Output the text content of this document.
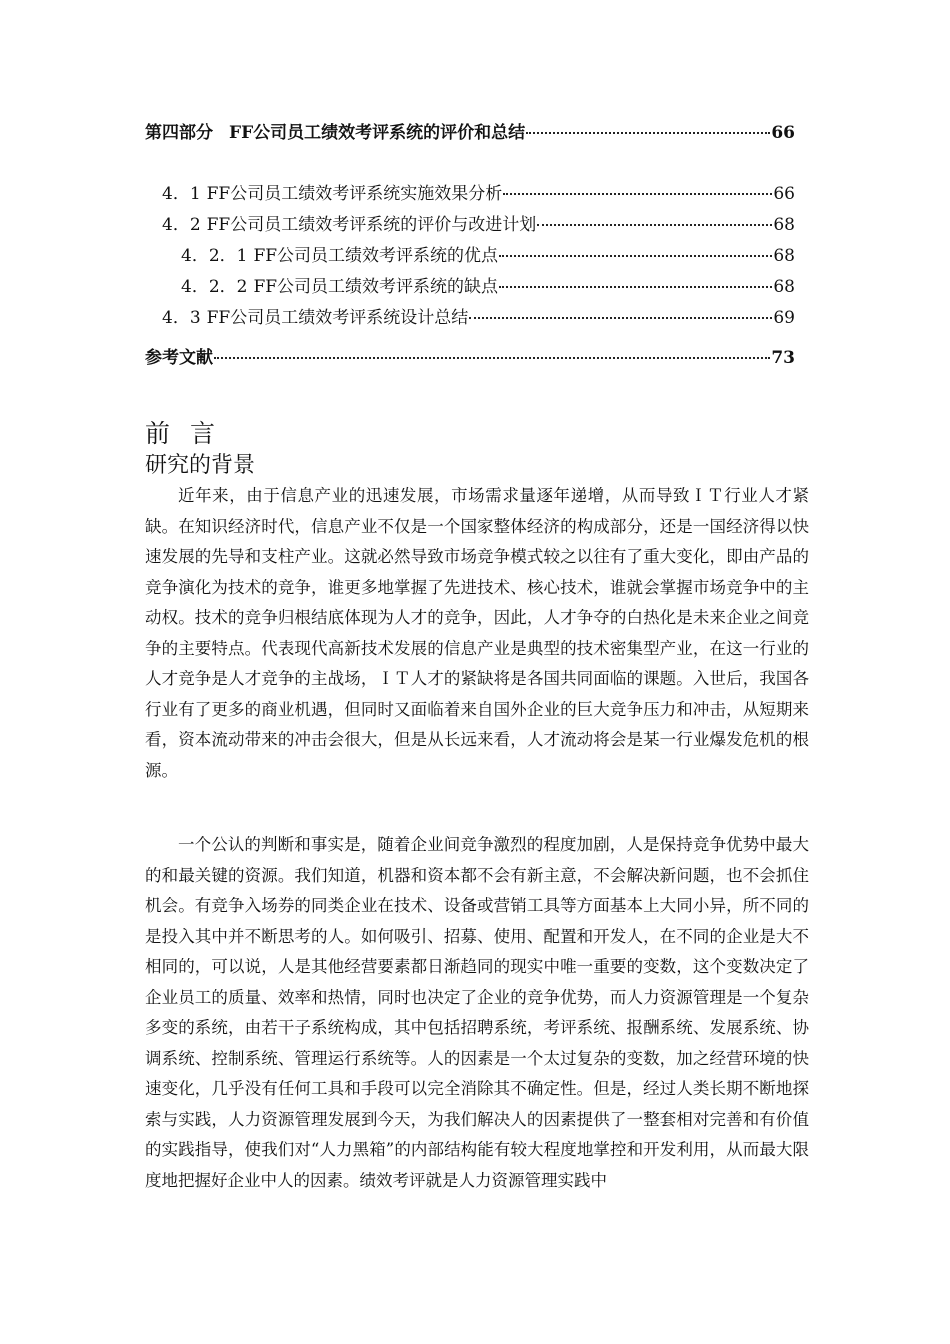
第四部分 FF公司员工绩效考评系统的评价和总结	66
4．1 FF公司员工绩效考评系统实施效果分析	66
4．2 FF公司员工绩效考评系统的评价与改进计划	68
4．2．1 FF公司员工绩效考评系统的优点	68
4．2．2 FF公司员工绩效考评系统的缺点	68
4．3 FF公司员工绩效考评系统设计总结	69
参考文献	73
前言
研究的背景

近年来，由于信息产业的迅速发展，市场需求量逐年递增，从而导致ＩＴ行业人才紧缺。在知识经济时代，信息产业不仅是一个国家整体经济的构成部分，还是一国经济得以快速发展的先导和支柱产业。这就必然导致市场竞争模式较之以往有了重大变化，即由产品的竞争演化为技术的竞争，谁更多地掌握了先进技术、核心技术，谁就会掌握市场竞争中的主动权。技术的竞争归根结底体现为人才的竞争，因此，人才争夺的白热化是未来企业之间竞争的主要特点。代表现代高新技术发展的信息产业是典型的技术密集型产业，在这一行业的人才竞争是人才竞争的主战场，ＩＴ人才的紧缺将是各国共同面临的课题。入世后，我国各行业有了更多的商业机遇，但同时又面临着来自国外企业的巨大竞争压力和冲击，从短期来看，资本流动带来的冲击会很大，但是从长远来看，人才流动将会是某一行业爆发危机的根源。

一个公认的判断和事实是，随着企业间竞争激烈的程度加剧，人是保持竞争优势中最大的和最关键的资源。我们知道，机器和资本都不会有新主意，不会解决新问题，也不会抓住机会。有竞争入场券的同类企业在技术、设备或营销工具等方面基本上大同小异，所不同的是投入其中并不断思考的人。如何吸引、招募、使用、配置和开发人，在不同的企业是大不相同的，可以说，人是其他经营要素都日渐趋同的现实中唯一重要的变数，这个变数决定了企业员工的质量、效率和热情，同时也决定了企业的竞争优势，而人力资源管理是一个复杂多变的系统，由若干子系统构成，其中包括招聘系统，考评系统、报酬系统、发展系统、协调系统、控制系统、管理运行系统等。人的因素是一个太过复杂的变数，加之经营环境的快速变化，几乎没有任何工具和手段可以完全消除其不确定性。但是，经过人类长期不断地探索与实践，人力资源管理发展到今天，为我们解决人的因素提供了一整套相对完善和有价值的实践指导，使我们对“人力黑箱”的内部结构能有较大程度地掌控和开发利用，从而最大限度地把握好企业中人的因素。绩效考评就是人力资源管理实践中
